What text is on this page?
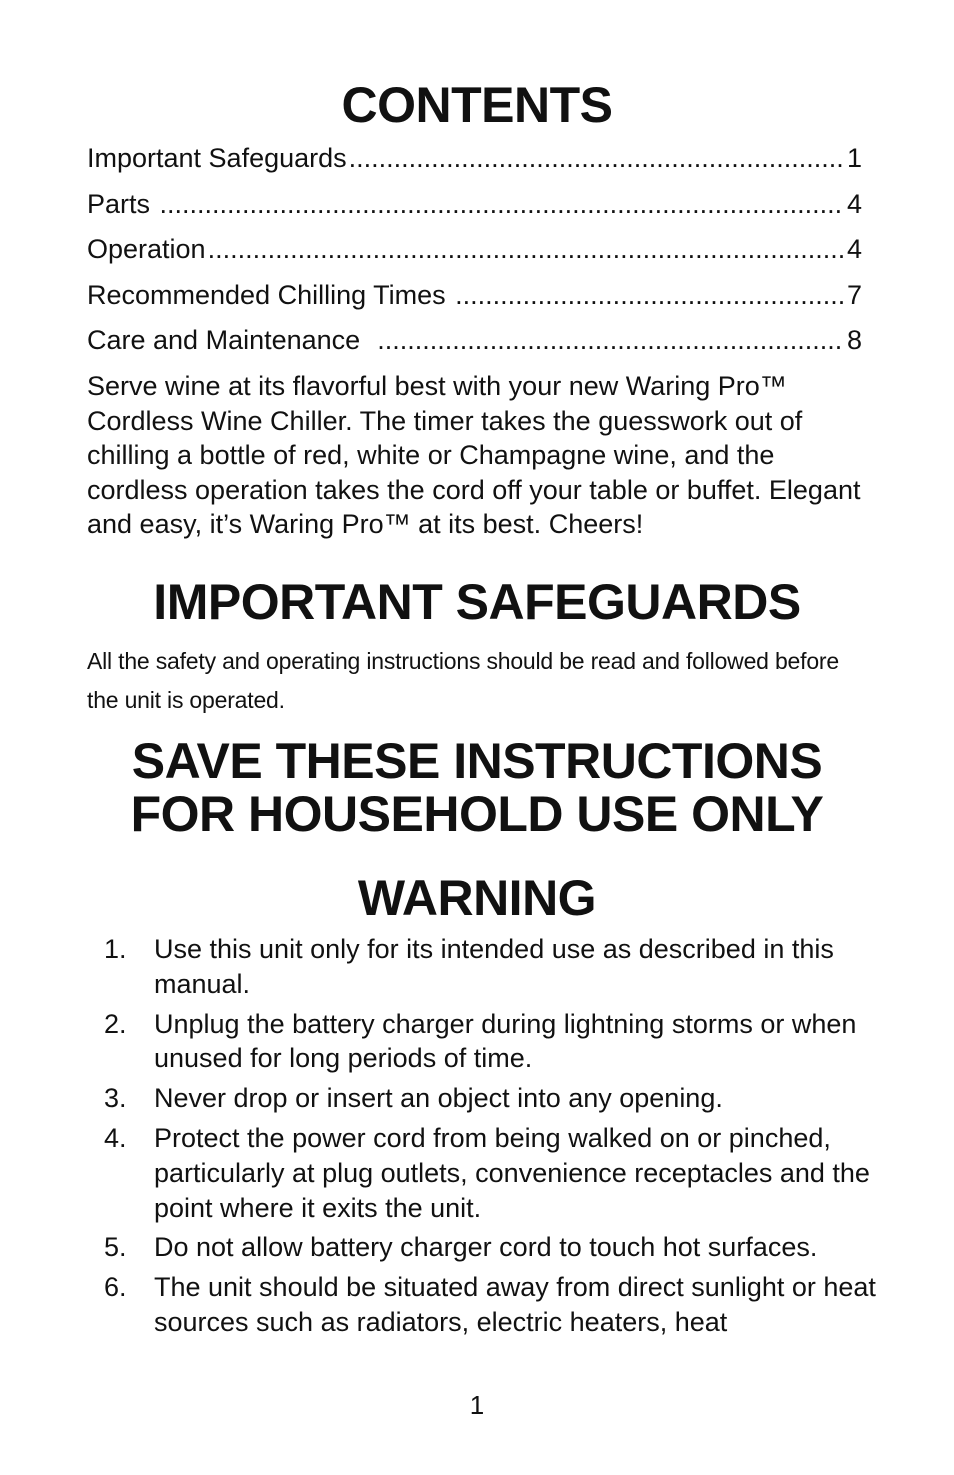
CONTENTS
Important Safeguards .....	1
Parts .....	4
Operation .....	4
Recommended Chilling Times .....	7
Care and Maintenance .....	8

Serve wine at its flavorful best with your new Waring Pro™ Cordless Wine Chiller. The timer takes the guesswork out of chilling a bottle of red, white or Champagne wine, and the cordless operation takes the cord off your table or buffet. Elegant and easy, it’s Waring Pro™ at its best. Cheers!

IMPORTANT SAFEGUARDS

All the safety and operating instructions should be read and followed before the unit is operated.

SAVE THESE INSTRUCTIONS
FOR HOUSEHOLD USE ONLY
WARNING
1.	Use this unit only for its intended use as described in this manual.
2.	Unplug the battery charger during lightning storms or when unused for long periods of time.
3.	Never drop or insert an object into any opening.
4.	Protect the power cord from being walked on or pinched, particularly at plug outlets, convenience receptacles and the point where it exits the unit.
5.	Do not allow battery charger cord to touch hot surfaces.
6.	The unit should be situated away from direct sunlight or heat sources such as radiators, electric heaters, heat
1
